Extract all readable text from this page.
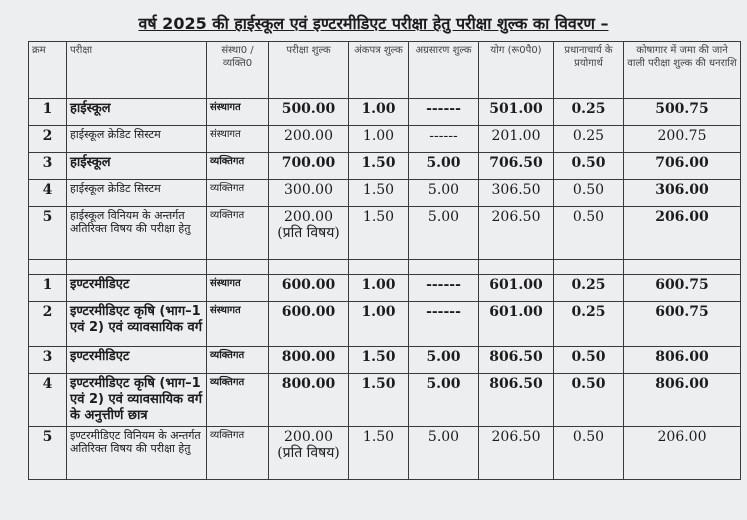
वर्ष 2025 की हाईस्कूल एवं इण्टरमीडिएट परीक्षा हेतु परीक्षा शुल्क का विवरण –
क्रम	परीक्षा	संस्था0 / व्यक्ति0	परीक्षा शुल्क	अंकपत्र शुल्क	अग्रसारण शुल्क	योग (रू0पै0)	प्रधानाचार्य के प्रयोगार्थ	कोषागार में जमा की जाने वाली परीक्षा शुल्क की धनराशि
1	हाईस्कूल	संस्थागत	500.00	1.00	------	501.00	0.25	500.75
2	हाईस्कूल क्रेडिट सिस्टम	संस्थागत	200.00	1.00	------	201.00	0.25	200.75
3	हाईस्कूल	व्यक्तिगत	700.00	1.50	5.00	706.50	0.50	706.00
4	हाईस्कूल क्रेडिट सिस्टम	व्यक्तिगत	300.00	1.50	5.00	306.50	0.50	306.00
5	हाईस्कूल विनियम के अन्तर्गत अतिरिक्त विषय की परीक्षा हेतु	व्यक्तिगत	200.00 (प्रति विषय)	1.50	5.00	206.50	0.50	206.00

1	इण्टरमीडिएट	संस्थागत	600.00	1.00	------	601.00	0.25	600.75
2	इण्टरमीडिएट कृषि (भाग–1 एवं 2) एवं व्यावसायिक वर्ग	संस्थागत	600.00	1.00	------	601.00	0.25	600.75
3	इण्टरमीडिएट	व्यक्तिगत	800.00	1.50	5.00	806.50	0.50	806.00
4	इण्टरमीडिएट कृषि (भाग–1 एवं 2) एवं व्यावसायिक वर्ग के अनुत्तीर्ण छात्र	व्यक्तिगत	800.00	1.50	5.00	806.50	0.50	806.00
5	इण्टरमीडिएट विनियम के अन्तर्गत अतिरिक्त विषय की परीक्षा हेतु	व्यक्तिगत	200.00 (प्रति विषय)	1.50	5.00	206.50	0.50	206.00
